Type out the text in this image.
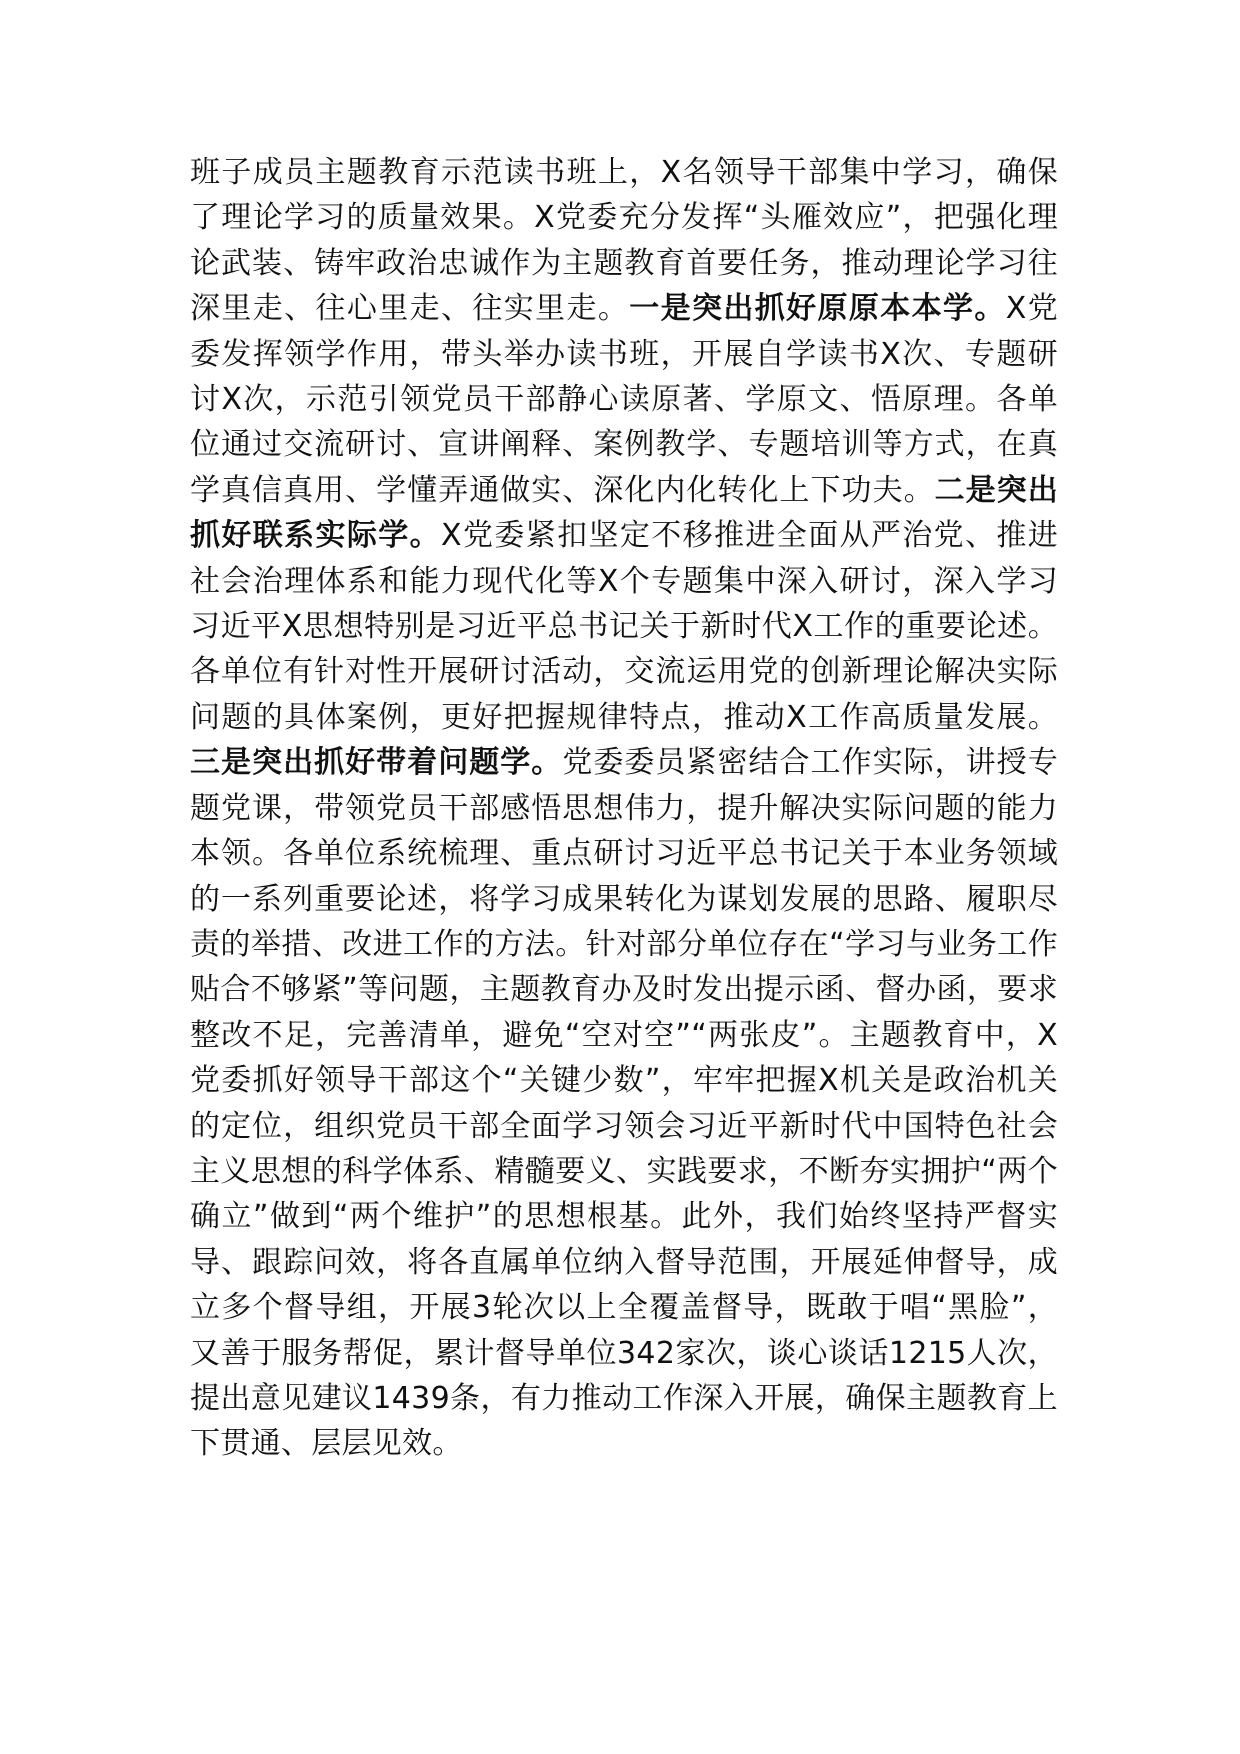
班子成员主题教育示范读书班上，X名领导干部集中学习，确保了理论学习的质量效果。X党委充分发挥“头雁效应”，把强化理论武装、铸牢政治忠诚作为主题教育首要任务，推动理论学习往深里走、往心里走、往实里走。一是突出抓好原原本本学。X党委发挥领学作用，带头举办读书班，开展自学读书X次、专题研讨X次，示范引领党员干部静心读原著、学原文、悟原理。各单位通过交流研讨、宣讲阐释、案例教学、专题培训等方式，在真学真信真用、学懂弄通做实、深化内化转化上下功夫。二是突出抓好联系实际学。X党委紧扣坚定不移推进全面从严治党、推进社会治理体系和能力现代化等X个专题集中深入研讨，深入学习习近平X思想特别是习近平总书记关于新时代X工作的重要论述。各单位有针对性开展研讨活动，交流运用党的创新理论解决实际问题的具体案例，更好把握规律特点，推动X工作高质量发展。三是突出抓好带着问题学。党委委员紧密结合工作实际，讲授专题党课，带领党员干部感悟思想伟力，提升解决实际问题的能力本领。各单位系统梳理、重点研讨习近平总书记关于本业务领域的一系列重要论述，将学习成果转化为谋划发展的思路、履职尽责的举措、改进工作的方法。针对部分单位存在“学习与业务工作贴合不够紧”等问题，主题教育办及时发出提示函、督办函，要求整改不足，完善清单，避免“空对空”“两张皮”。主题教育中，X党委抓好领导干部这个“关键少数”，牢牢把握X机关是政治机关的定位，组织党员干部全面学习领会习近平新时代中国特色社会主义思想的科学体系、精髓要义、实践要求，不断夯实拥护“两个确立”做到“两个维护”的思想根基。此外，我们始终坚持严督实导、跟踪问效，将各直属单位纳入督导范围，开展延伸督导，成立多个督导组，开展3轮次以上全覆盖督导，既敢于唱“黑脸”，又善于服务帮促，累计督导单位342家次，谈心谈话1215人次，提出意见建议1439条，有力推动工作深入开展，确保主题教育上下贯通、层层见效。
